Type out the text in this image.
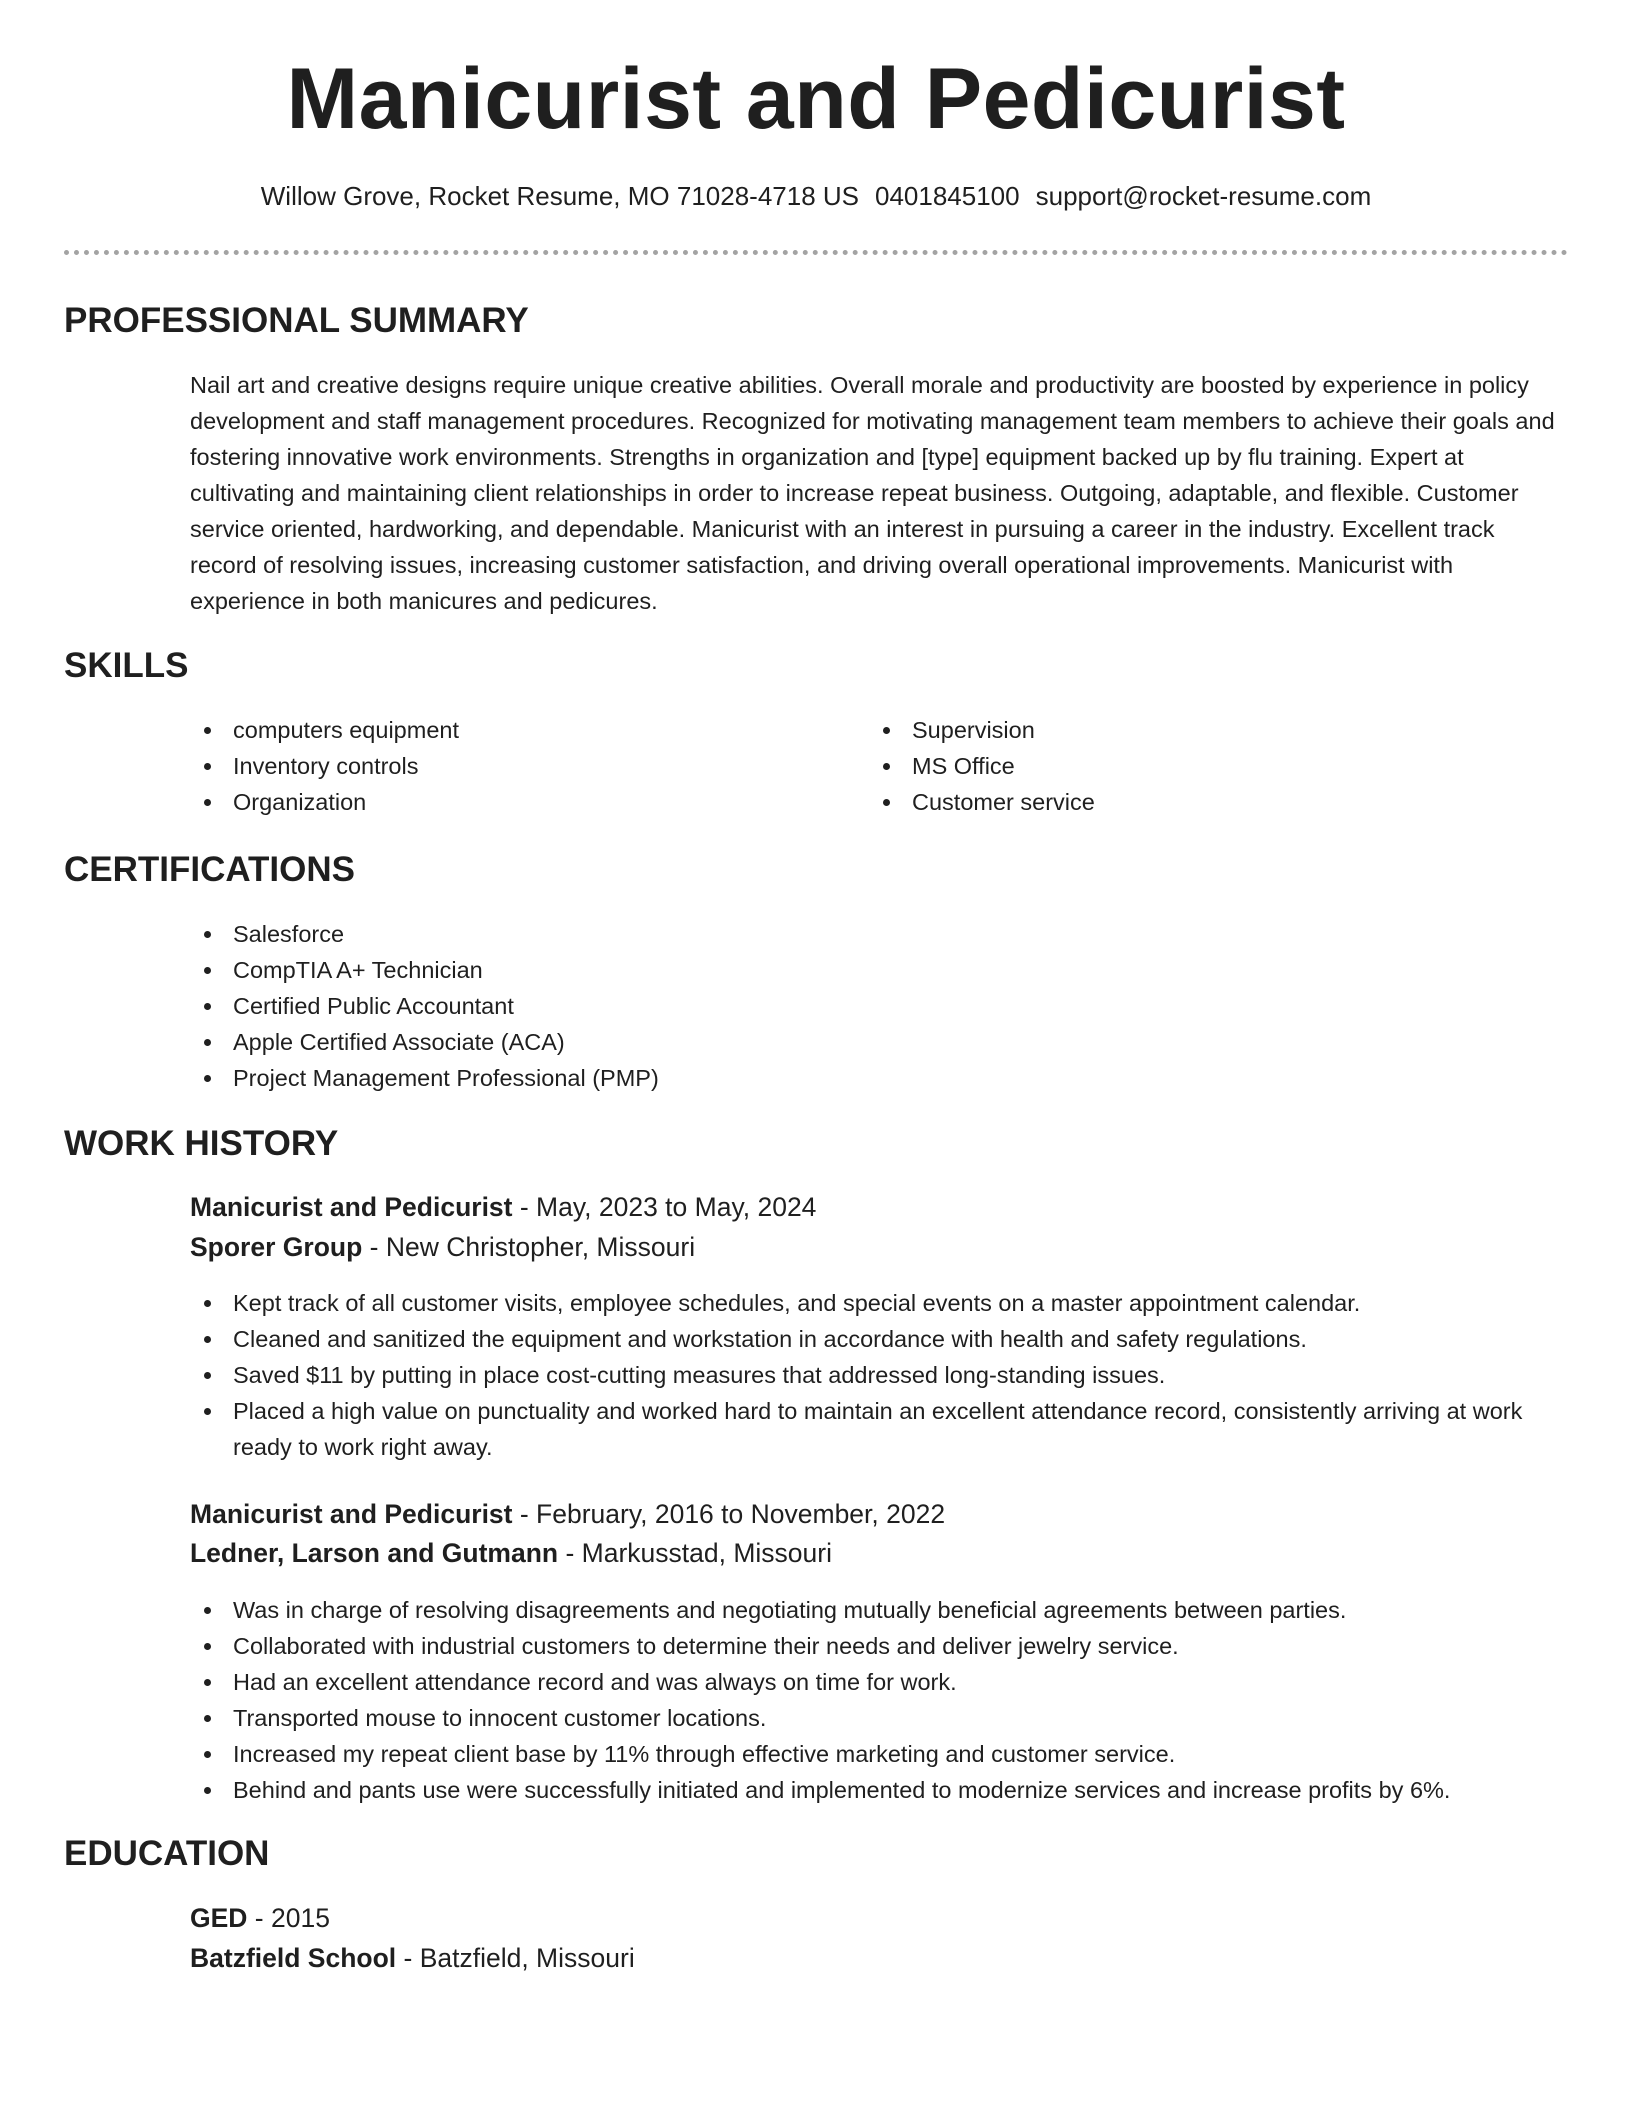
Manicurist and Pedicurist
Willow Grove, Rocket Resume, MO 71028-4718 US 0401845100 support@rocket-resume.com
PROFESSIONAL SUMMARY

Nail art and creative designs require unique creative abilities. Overall morale and productivity are boosted by experience in policy development and staff management procedures. Recognized for motivating management team members to achieve their goals and fostering innovative work environments. Strengths in organization and [type] equipment backed up by flu training. Expert at cultivating and maintaining client relationships in order to increase repeat business. Outgoing, adaptable, and flexible. Customer service oriented, hardworking, and dependable. Manicurist with an interest in pursuing a career in the industry. Excellent track record of resolving issues, increasing customer satisfaction, and driving overall operational improvements. Manicurist with experience in both manicures and pedicures.

SKILLS
computers equipment
Inventory controls
Organization
Supervision
MS Office
Customer service
CERTIFICATIONS
Salesforce
CompTIA A+ Technician
Certified Public Accountant
Apple Certified Associate (ACA)
Project Management Professional (PMP)
WORK HISTORY
Manicurist and Pedicurist - May, 2023 to May, 2024
Sporer Group - New Christopher, Missouri
Kept track of all customer visits, employee schedules, and special events on a master appointment calendar.
Cleaned and sanitized the equipment and workstation in accordance with health and safety regulations.
Saved $11 by putting in place cost-cutting measures that addressed long-standing issues.
Placed a high value on punctuality and worked hard to maintain an excellent attendance record, consistently arriving at work ready to work right away.
Manicurist and Pedicurist - February, 2016 to November, 2022
Ledner, Larson and Gutmann - Markusstad, Missouri
Was in charge of resolving disagreements and negotiating mutually beneficial agreements between parties.
Collaborated with industrial customers to determine their needs and deliver jewelry service.
Had an excellent attendance record and was always on time for work.
Transported mouse to innocent customer locations.
Increased my repeat client base by 11% through effective marketing and customer service.
Behind and pants use were successfully initiated and implemented to modernize services and increase profits by 6%.
EDUCATION
GED - 2015
Batzfield School - Batzfield, Missouri
